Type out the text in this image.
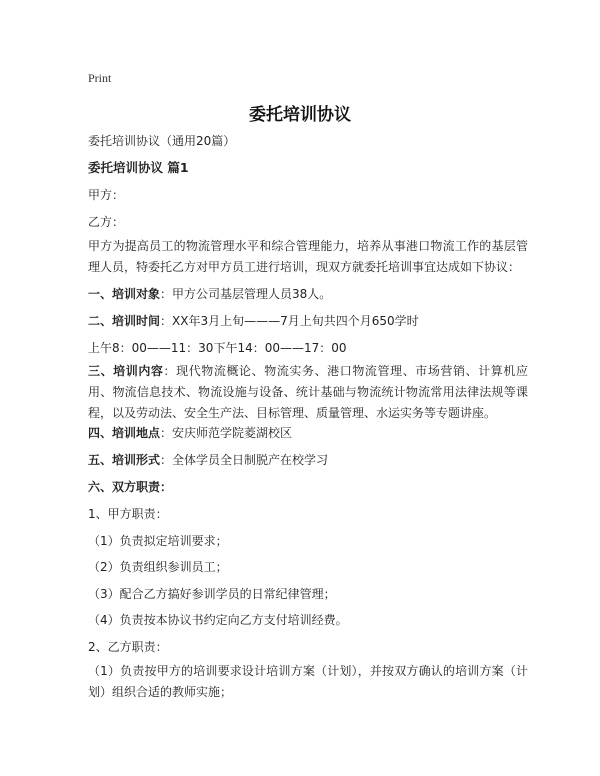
Print
委托培训协议
委托培训协议（通用20篇）
委托培训协议 篇1
甲方：
乙方：
甲方为提高员工的物流管理水平和综合管理能力，培养从事港口物流工作的基层管理人员，特委托乙方对甲方员工进行培训，现双方就委托培训事宜达成如下协议：
一、培训对象：甲方公司基层管理人员38人。
二、培训时间：XX年3月上旬———7月上旬共四个月650学时
上午8：00——11：30下午14：00——17：00
三、培训内容：现代物流概论、物流实务、港口物流管理、市场营销、计算机应用、物流信息技术、物流设施与设备、统计基础与物流统计物流常用法律法规等课程，以及劳动法、安全生产法、目标管理、质量管理、水运实务等专题讲座。
四、培训地点：安庆师范学院菱湖校区
五、培训形式：全体学员全日制脱产在校学习
六、双方职责：
1、甲方职责：
（1）负责拟定培训要求；
（2）负责组织参训员工；
（3）配合乙方搞好参训学员的日常纪律管理；
（4）负责按本协议书约定向乙方支付培训经费。
2、乙方职责：
（1）负责按甲方的培训要求设计培训方案（计划），并按双方确认的培训方案（计划）组织合适的教师实施；
